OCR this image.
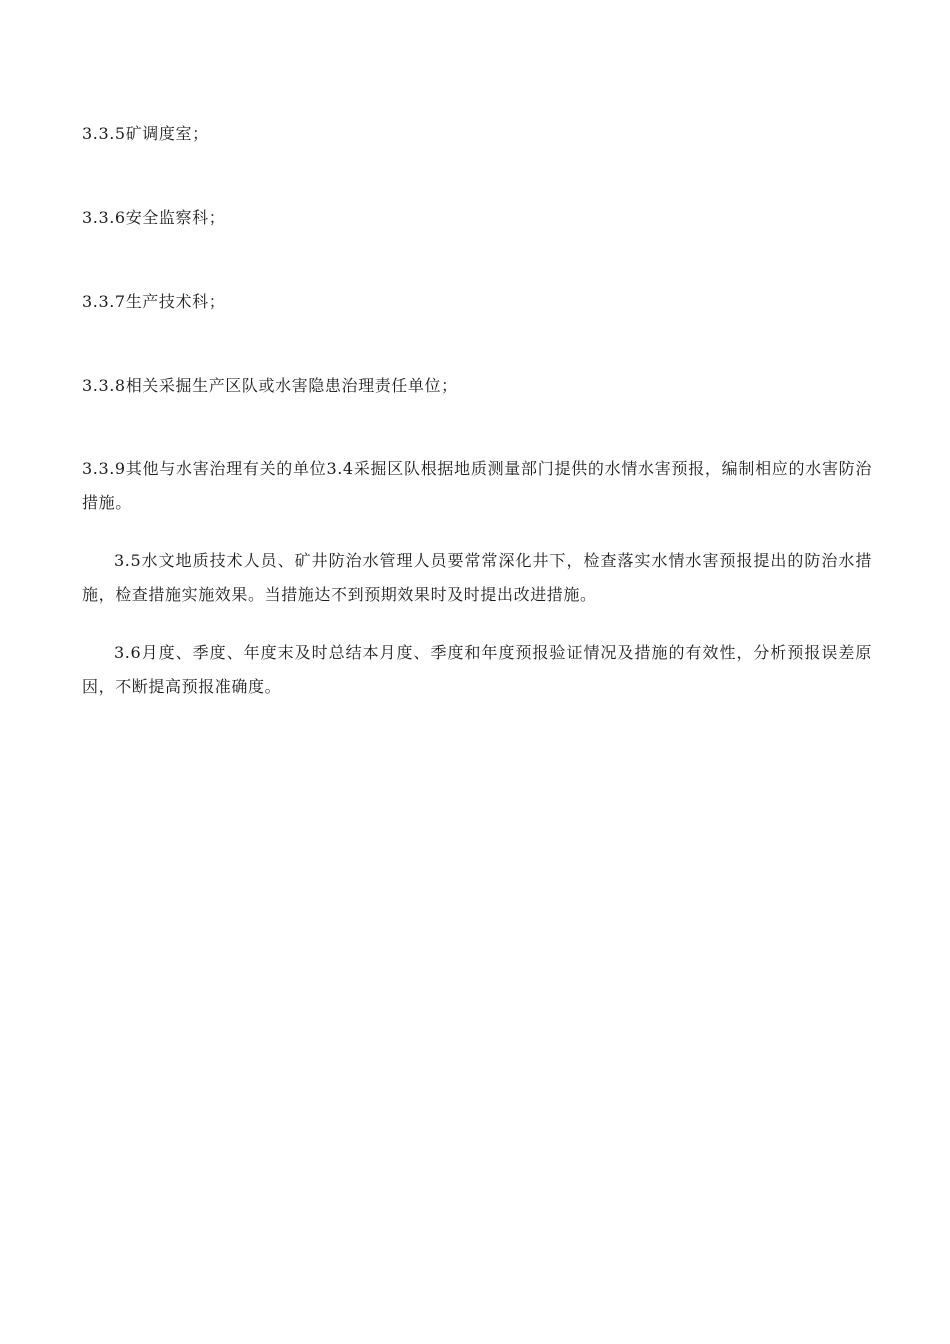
3.3.5矿调度室；
3.3.6安全监察科；
3.3.7生产技术科；
3.3.8相关采掘生产区队或水害隐患治理责任单位；
3.3.9其他与水害治理有关的单位3.4采掘区队根据地质测量部门提供的水情水害预报，编制相应的水害防治措施。
3.5水文地质技术人员、矿井防治水管理人员要常常深化井下，检查落实水情水害预报提出的防治水措施，检查措施实施效果。当措施达不到预期效果时及时提出改进措施。
3.6月度、季度、年度末及时总结本月度、季度和年度预报验证情况及措施的有效性，分析预报误差原因，不断提高预报准确度。
